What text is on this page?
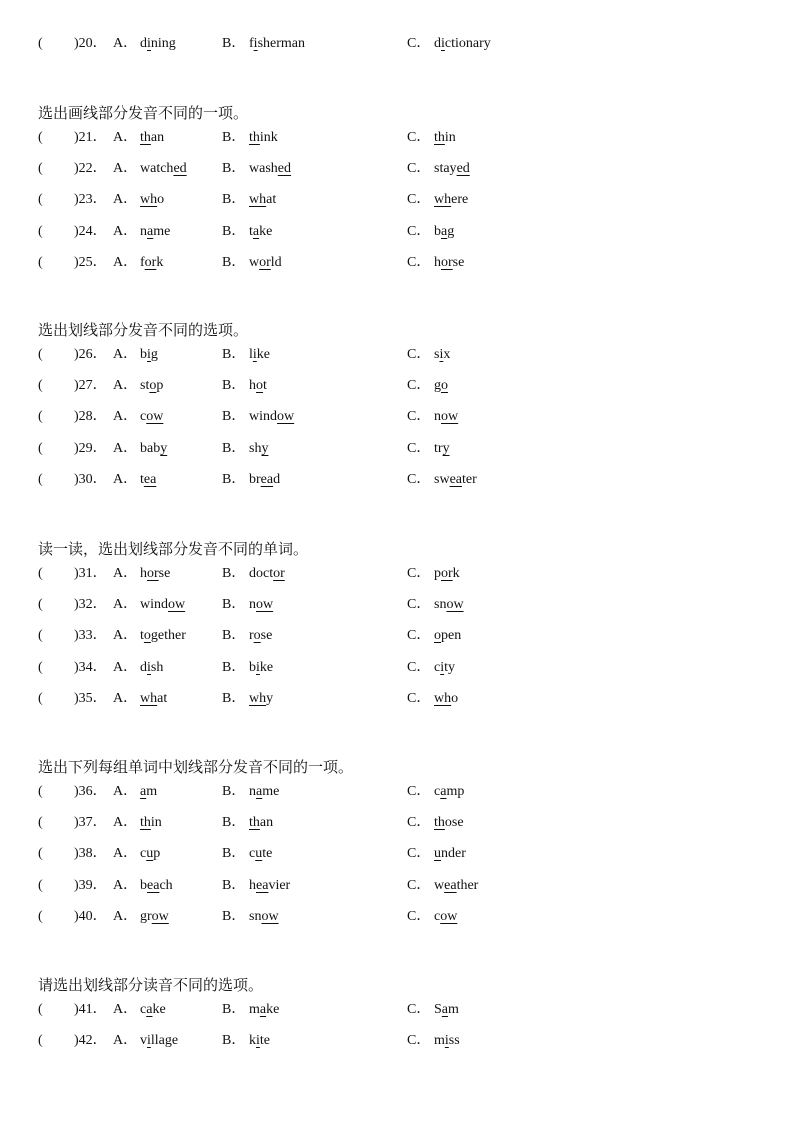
( )20． A． dining	B． fisherman	C． dictionary
选出画线部分发音不同的一项。
( )21． A． than	B． think	C． thin
( )22． A． watched	B． washed	C． stayed
( )23． A． who	B． what	C． where
( )24． A． name	B． take	C． bag
( )25． A． fork	B． world	C． horse
选出划线部分发音不同的选项。
( )26． A． big	B． like	C． six
( )27． A． stop	B． hot	C． go
( )28． A． cow	B． window	C． now
( )29． A． baby	B． shy	C． try
( )30． A． tea	B． bread	C． sweater
读一读，选出划线部分发音不同的单词。
( )31． A． horse	B． doctor	C． pork
( )32． A． window	B． now	C． snow
( )33． A． together	B． rose	C． open
( )34． A． dish	B． bike	C． city
( )35． A． what	B． why	C． who
选出下列每组单词中划线部分发音不同的一项。
( )36． A． am	B． name	C． camp
( )37． A． thin	B． than	C． those
( )38． A． cup	B． cute	C． under
( )39． A． beach	B． heavier	C． weather
( )40． A． grow	B． snow	C． cow
请选出划线部分读音不同的选项。
( )41． A． cake	B． make	C． Sam
( )42． A． village	B． kite	C． miss
